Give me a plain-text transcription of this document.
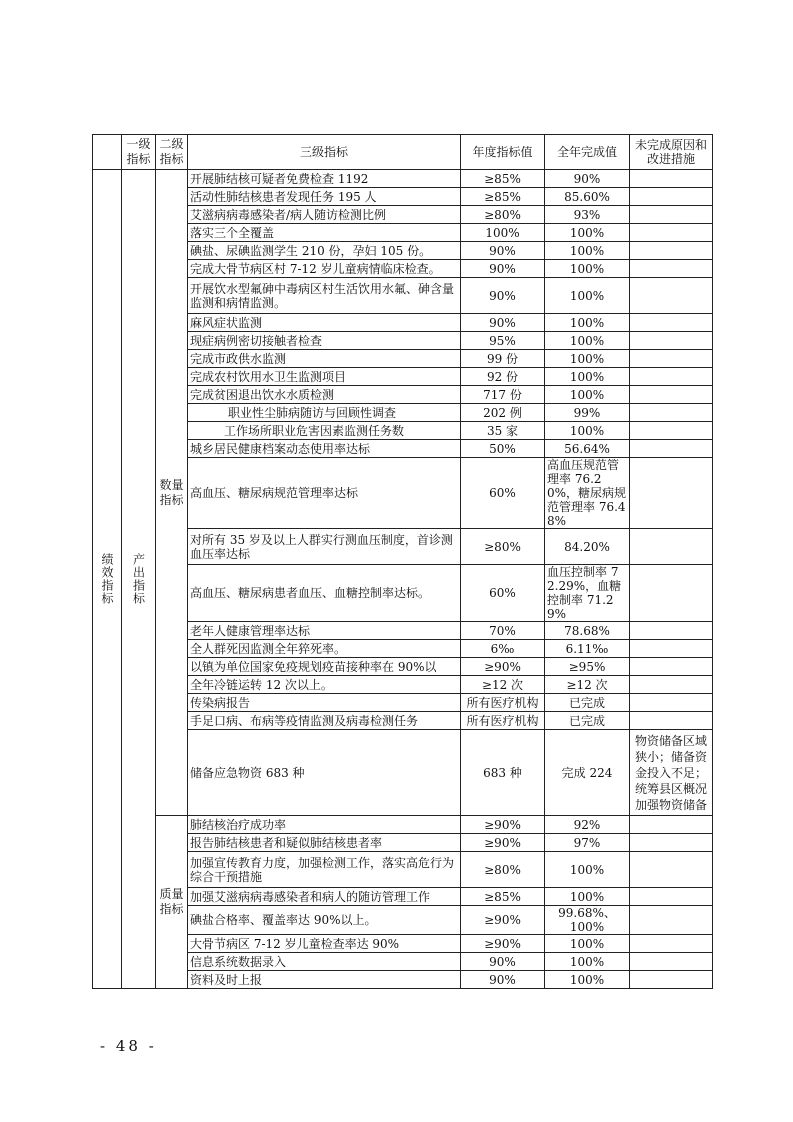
	一级指标	二级指标	三级指标	年度指标值	全年完成值	未完成原因和改进措施

绩效指标	产出指标	数量指标	开展肺结核可疑者免费检查 1192	≥85%	90%	
			活动性肺结核患者发现任务 195 人	≥85%	85.60%	
			艾滋病病毒感染者/病人随访检测比例	≥80%	93%	
			落实三个全覆盖	100%	100%	
			碘盐、尿碘监测学生 210 份，孕妇 105 份。	90%	100%	
			完成大骨节病区村 7-12 岁儿童病情临床检查。	90%	100%	
			开展饮水型氟砷中毒病区村生活饮用水氟、砷含量监测和病情监测。	90%	100%	
			麻风症状监测	90%	100%	
			现症病例密切接触者检查	95%	100%	
			完成市政供水监测	99 份	100%	
			完成农村饮用水卫生监测项目	92 份	100%	
			完成贫困退出饮水水质检测	717 份	100%	
			职业性尘肺病随访与回顾性调查	202 例	99%	
			工作场所职业危害因素监测任务数	35 家	100%	
			城乡居民健康档案动态使用率达标	50%	56.64%	
			高血压、糖尿病规范管理率达标	60%	高血压规范管理率 76.20%，糖尿病规范管理率 76.48%	
			对所有 35 岁及以上人群实行测血压制度，首诊测血压率达标	≥80%	84.20%	
			高血压、糖尿病患者血压、血糖控制率达标。	60%	血压控制率 72.29%，血糖控制率 71.29%	
			老年人健康管理率达标	70%	78.68%	
			全人群死因监测全年猝死率。	6‰	6.11‰	
			以镇为单位国家免疫规划疫苗接种率在 90%以	≥90%	≥95%	
			全年冷链运转 12 次以上。	≥12 次	≥12 次	
			传染病报告	所有医疗机构	已完成	
			手足口病、布病等疫情监测及病毒检测任务	所有医疗机构	已完成	
			储备应急物资 683 种	683 种	完成 224	物资储备区域狭小；储备资金投入不足；统筹县区概况加强物资储备
		质量指标	肺结核治疗成功率	≥90%	92%	
			报告肺结核患者和疑似肺结核患者率	≥90%	97%	
			加强宣传教育力度，加强检测工作，落实高危行为综合干预措施	≥80%	100%	
			加强艾滋病病毒感染者和病人的随访管理工作	≥85%	100%	
			碘盐合格率、覆盖率达 90%以上。	≥90%	99.68%、100%	
			大骨节病区 7-12 岁儿童检查率达 90%	≥90%	100%	
			信息系统数据录入	90%	100%	
			资料及时上报	90%	100%	
- 48 -
